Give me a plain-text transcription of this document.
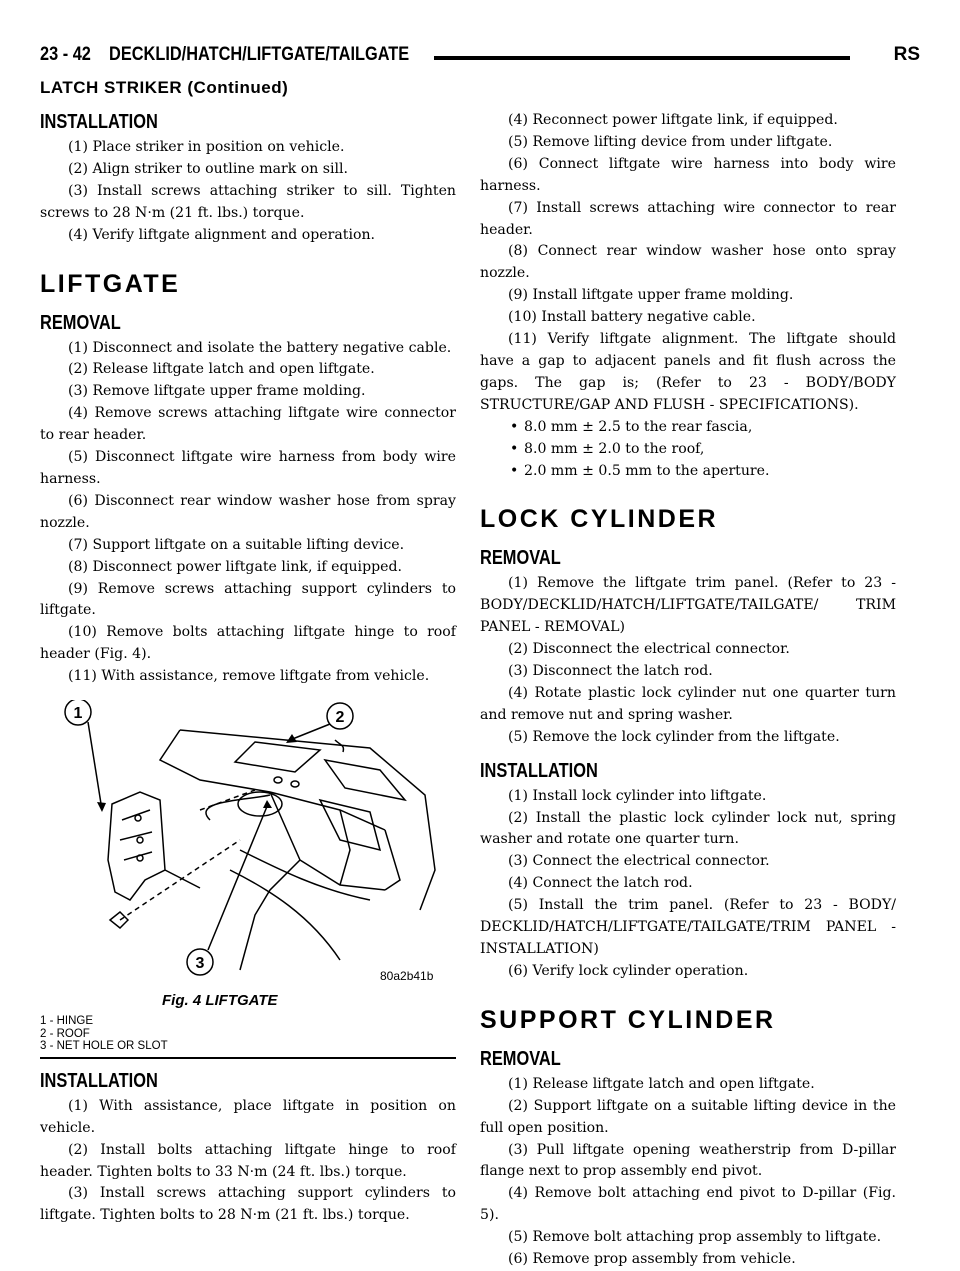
23 - 42 DECKLID/HATCH/LIFTGATE/TAILGATE	RS
LATCH STRIKER (Continued)
INSTALLATION

(1) Place striker in position on vehicle.

(2) Align striker to outline mark on sill.

(3) Install screws attaching striker to sill. Tighten screws to 28 N·m (21 ft. lbs.) torque.

(4) Verify liftgate alignment and operation.

LIFTGATE
REMOVAL

(1) Disconnect and isolate the battery negative cable.

(2) Release liftgate latch and open liftgate.

(3) Remove liftgate upper frame molding.

(4) Remove screws attaching liftgate wire connector to rear header.

(5) Disconnect liftgate wire harness from body wire harness.

(6) Disconnect rear window washer hose from spray nozzle.

(7) Support liftgate on a suitable lifting device.

(8) Disconnect power liftgate link, if equipped.

(9) Remove screws attaching support cylinders to liftgate.

(10) Remove bolts attaching liftgate hinge to roof header (Fig. 4).

(11) With assistance, remove liftgate from vehicle.

1	2
3
80a2b41b
Fig. 4 LIFTGATE
1 - HINGE
2 - ROOF
3 - NET HOLE OR SLOT
INSTALLATION

(1) With assistance, place liftgate in position on vehicle.

(2) Install bolts attaching liftgate hinge to roof header. Tighten bolts to 33 N·m (24 ft. lbs.) torque.

(3) Install screws attaching support cylinders to liftgate. Tighten bolts to 28 N·m (21 ft. lbs.) torque.

(4) Reconnect power liftgate link, if equipped.

(5) Remove lifting device from under liftgate.

(6) Connect liftgate wire harness into body wire harness.

(7) Install screws attaching wire connector to rear header.

(8) Connect rear window washer hose onto spray nozzle.

(9) Install liftgate upper frame molding.

(10) Install battery negative cable.

(11) Verify liftgate alignment. The liftgate should have a gap to adjacent panels and fit flush across the gaps. The gap is; (Refer to 23 - BODY/BODY STRUCTURE/GAP AND FLUSH - SPECIFICATIONS).

• 8.0 mm ± 2.5 to the rear fascia,

• 8.0 mm ± 2.0 to the roof,

• 2.0 mm ± 0.5 mm to the aperture.

LOCK CYLINDER
REMOVAL

(1) Remove the liftgate trim panel. (Refer to 23 - BODY/DECKLID/HATCH/LIFTGATE/TAILGATE/ TRIM PANEL - REMOVAL)

(2) Disconnect the electrical connector.

(3) Disconnect the latch rod.

(4) Rotate plastic lock cylinder nut one quarter turn and remove nut and spring washer.

(5) Remove the lock cylinder from the liftgate.

INSTALLATION

(1) Install lock cylinder into liftgate.

(2) Install the plastic lock cylinder lock nut, spring washer and rotate one quarter turn.

(3) Connect the electrical connector.

(4) Connect the latch rod.

(5) Install the trim panel. (Refer to 23 - BODY/ DECKLID/HATCH/LIFTGATE/TAILGATE/TRIM PANEL - INSTALLATION)

(6) Verify lock cylinder operation.

SUPPORT CYLINDER
REMOVAL

(1) Release liftgate latch and open liftgate.

(2) Support liftgate on a suitable lifting device in the full open position.

(3) Pull liftgate opening weatherstrip from D-pillar flange next to prop assembly end pivot.

(4) Remove bolt attaching end pivot to D-pillar (Fig. 5).

(5) Remove bolt attaching prop assembly to liftgate.

(6) Remove prop assembly from vehicle.
